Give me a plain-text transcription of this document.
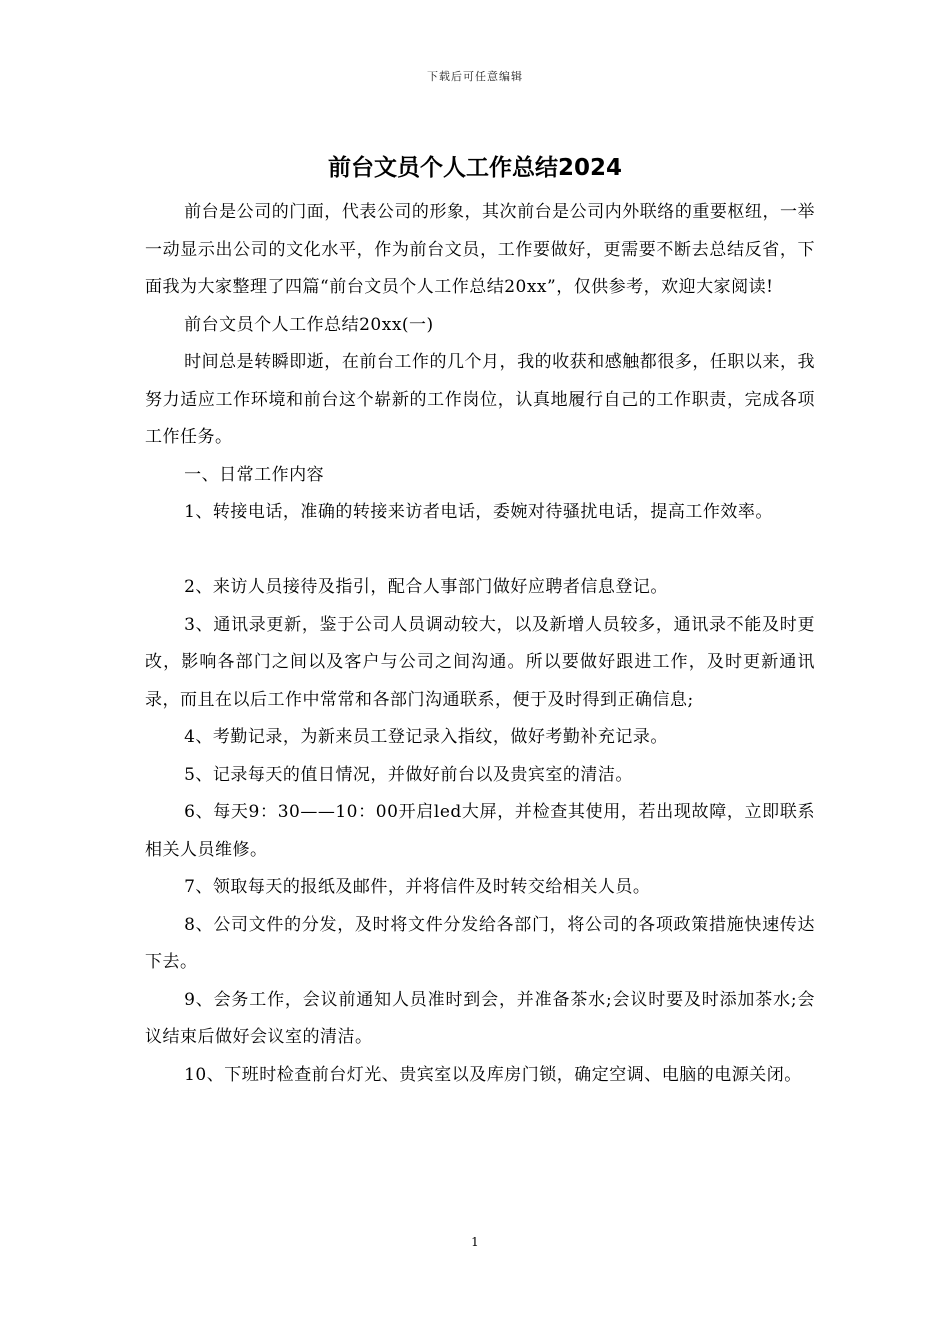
下载后可任意编辑
前台文员个人工作总结2024

前台是公司的门面，代表公司的形象，其次前台是公司内外联络的重要枢纽，一举一动显示出公司的文化水平，作为前台文员，工作要做好，更需要不断去总结反省，下面我为大家整理了四篇“前台文员个人工作总结20xx”，仅供参考，欢迎大家阅读!

前台文员个人工作总结20xx(一)

时间总是转瞬即逝，在前台工作的几个月，我的收获和感触都很多，任职以来，我努力适应工作环境和前台这个崭新的工作岗位，认真地履行自己的工作职责，完成各项工作任务。

一、日常工作内容

1、转接电话，准确的转接来访者电话，委婉对待骚扰电话，提高工作效率。

2、来访人员接待及指引，配合人事部门做好应聘者信息登记。

3、通讯录更新，鉴于公司人员调动较大，以及新增人员较多，通讯录不能及时更改，影响各部门之间以及客户与公司之间沟通。所以要做好跟进工作，及时更新通讯录，而且在以后工作中常常和各部门沟通联系，便于及时得到正确信息;

4、考勤记录，为新来员工登记录入指纹，做好考勤补充记录。

5、记录每天的值日情况，并做好前台以及贵宾室的清洁。

6、每天9：30——10：00开启led大屏，并检查其使用，若出现故障，立即联系相关人员维修。

7、领取每天的报纸及邮件，并将信件及时转交给相关人员。

8、公司文件的分发，及时将文件分发给各部门，将公司的各项政策措施快速传达下去。

9、会务工作，会议前通知人员准时到会，并准备茶水;会议时要及时添加茶水;会议结束后做好会议室的清洁。

10、下班时检查前台灯光、贵宾室以及库房门锁，确定空调、电脑的电源关闭。

1
